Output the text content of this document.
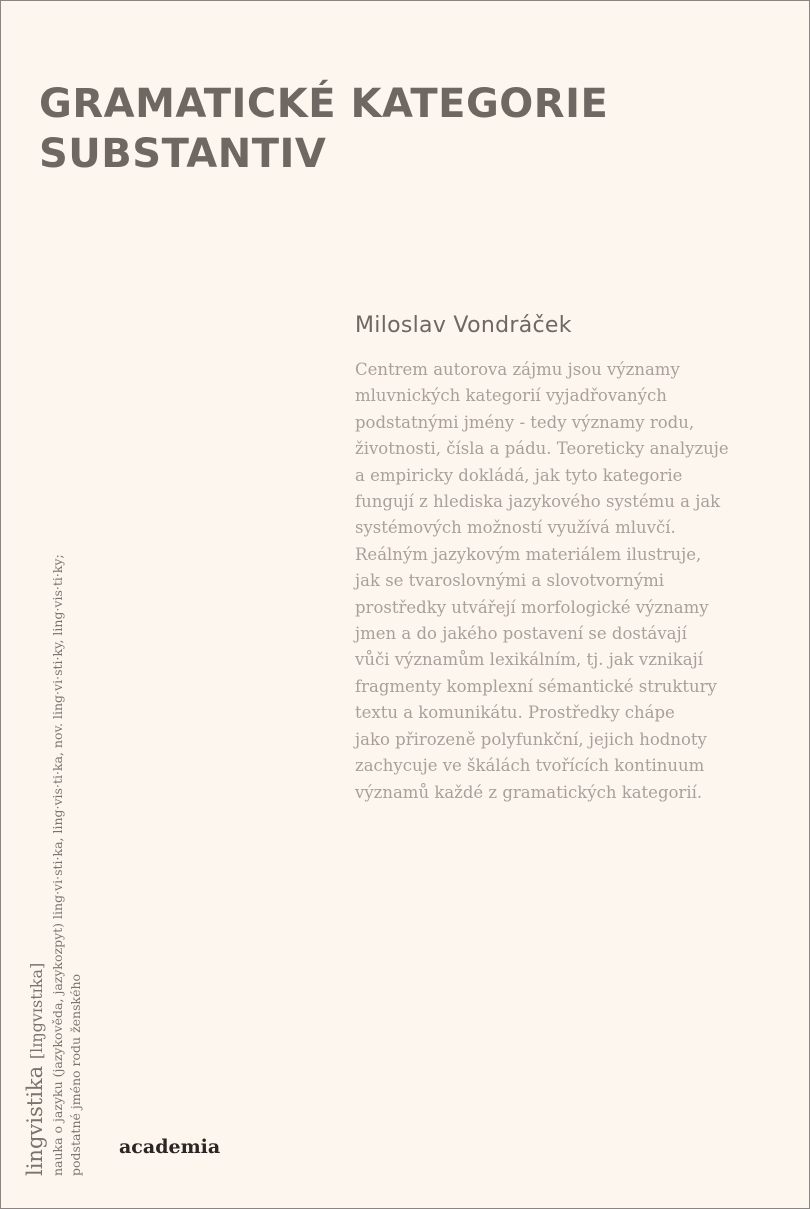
GRAMATICKÉ KATEGORIE
SUBSTANTIV
Miloslav Vondráček
Centrem autorova zájmu jsou významy
mluvnických kategorií vyjadřovaných
podstatnými jmény - tedy významy rodu,
životnosti, čísla a pádu. Teoreticky analyzuje
a empiricky dokládá, jak tyto kategorie
fungují z hlediska jazykového systému a jak
systémových možností využívá mluvčí.
Reálným jazykovým materiálem ilustruje,
jak se tvaroslovnými a slovotvornými
prostředky utvářejí morfologické významy
jmen a do jakého postavení se dostávají
vůči významům lexikálním, tj. jak vznikají
fragmenty komplexní sémantické struktury
textu a komunikátu. Prostředky chápe
jako přirozeně polyfunkční, jejich hodnoty
zachycuje ve škálách tvořících kontinuum
významů každé z gramatických kategorií.
lingvistika [lɪŋgvɪstɪka] nauka o jazyku (jazykověda, jazykozpyt) ling·vi·sti·ka, ling·vis·ti·ka, nov. ling·vi·sti·ky, ling·vis·ti·ky; podstatné jméno rodu ženského academia
